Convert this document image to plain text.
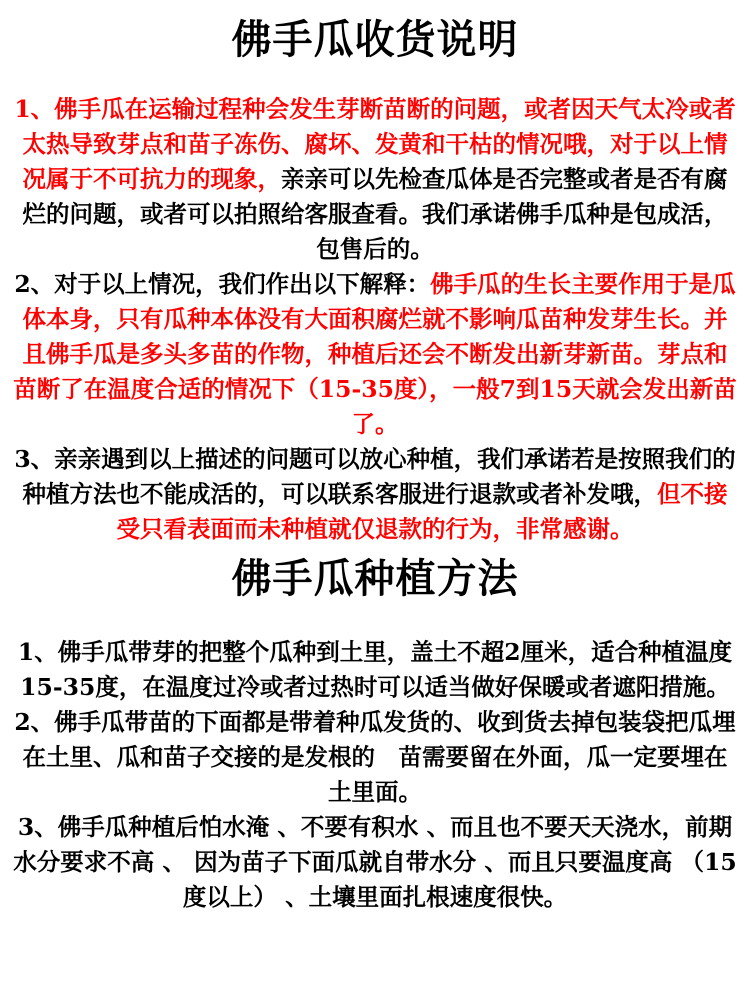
佛手瓜收货说明

1、佛手瓜在运输过程种会发生芽断苗断的问题，或者因天气太冷或者太热导致芽点和苗子冻伤、腐坏、发黄和干枯的情况哦，对于以上情况属于不可抗力的现象，亲亲可以先检查瓜体是否完整或者是否有腐烂的问题，或者可以拍照给客服查看。我们承诺佛手瓜种是包成活，包售后的。

2、对于以上情况，我们作出以下解释：佛手瓜的生长主要作用于是瓜体本身，只有瓜种本体没有大面积腐烂就不影响瓜苗种发芽生长。并且佛手瓜是多头多苗的作物，种植后还会不断发出新芽新苗。芽点和苗断了在温度合适的情况下（15-35度），一般7到15天就会发出新苗了。

3、亲亲遇到以上描述的问题可以放心种植，我们承诺若是按照我们的种植方法也不能成活的，可以联系客服进行退款或者补发哦，但不接受只看表面而未种植就仅退款的行为，非常感谢。

佛手瓜种植方法

1、佛手瓜带芽的把整个瓜种到土里，盖土不超2厘米，适合种植温度15-35度，在温度过冷或者过热时可以适当做好保暖或者遮阳措施。

2、佛手瓜带苗的下面都是带着种瓜发货的、收到货去掉包装袋把瓜埋在土里、瓜和苗子交接的是发根的　苗需要留在外面，瓜一定要埋在土里面。

3、佛手瓜种植后怕水淹 、不要有积水 、而且也不要天天浇水，前期水分要求不高 、 因为苗子下面瓜就自带水分 、而且只要温度高 （15度以上） 、土壤里面扎根速度很快。
